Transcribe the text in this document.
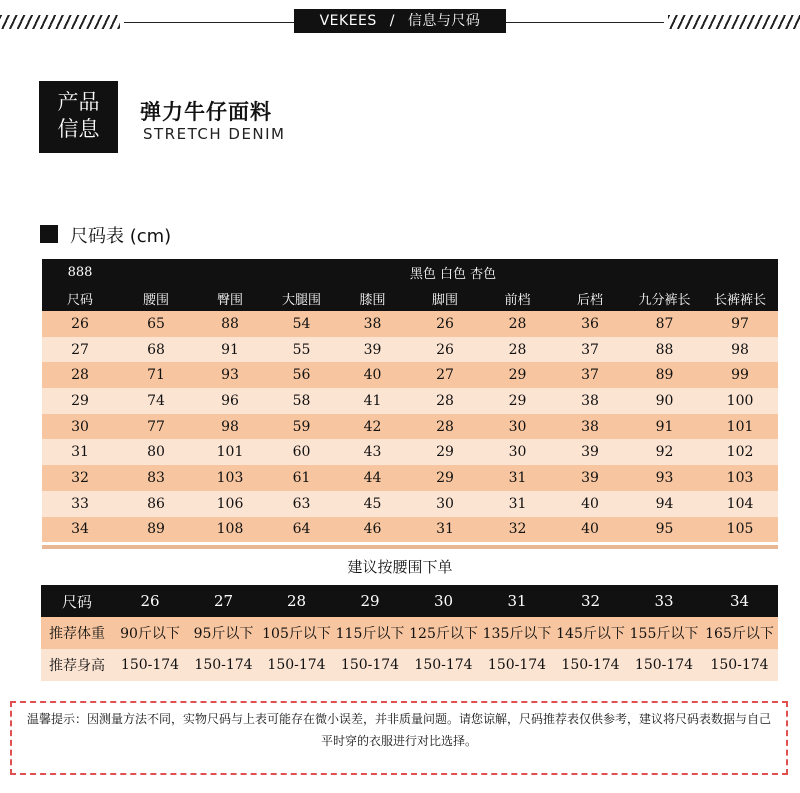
VEKEES / 信息与尺码
产品
信息
弹力牛仔面料
STRETCH DENIM
尺码表 (cm)
888	黑色 白色 杏色								
尺码	腰围	臀围	大腿围	膝围	脚围	前档	后档	九分裤长	长裤裤长
26	65	88	54	38	26	28	36	87	97
27	68	91	55	39	26	28	37	88	98
28	71	93	56	40	27	29	37	89	99
29	74	96	58	41	28	29	38	90	100
30	77	98	59	42	28	30	38	91	101
31	80	101	60	43	29	30	39	92	102
32	83	103	61	44	29	31	39	93	103
33	86	106	63	45	30	31	40	94	104
34	89	108	64	46	31	32	40	95	105
建议按腰围下单
尺码	26	27	28	29	30	31	32	33	34
推荐体重	90斤以下	95斤以下	105斤以下	115斤以下	125斤以下	135斤以下	145斤以下	155斤以下	165斤以下
推荐身高	150-174	150-174	150-174	150-174	150-174	150-174	150-174	150-174	150-174
温馨提示：因测量方法不同，实物尺码与上表可能存在微小误差，并非质量问题。请您谅解，尺码推荐表仅供参考，建议将尺码表数据与自己
平时穿的衣服进行对比选择。
